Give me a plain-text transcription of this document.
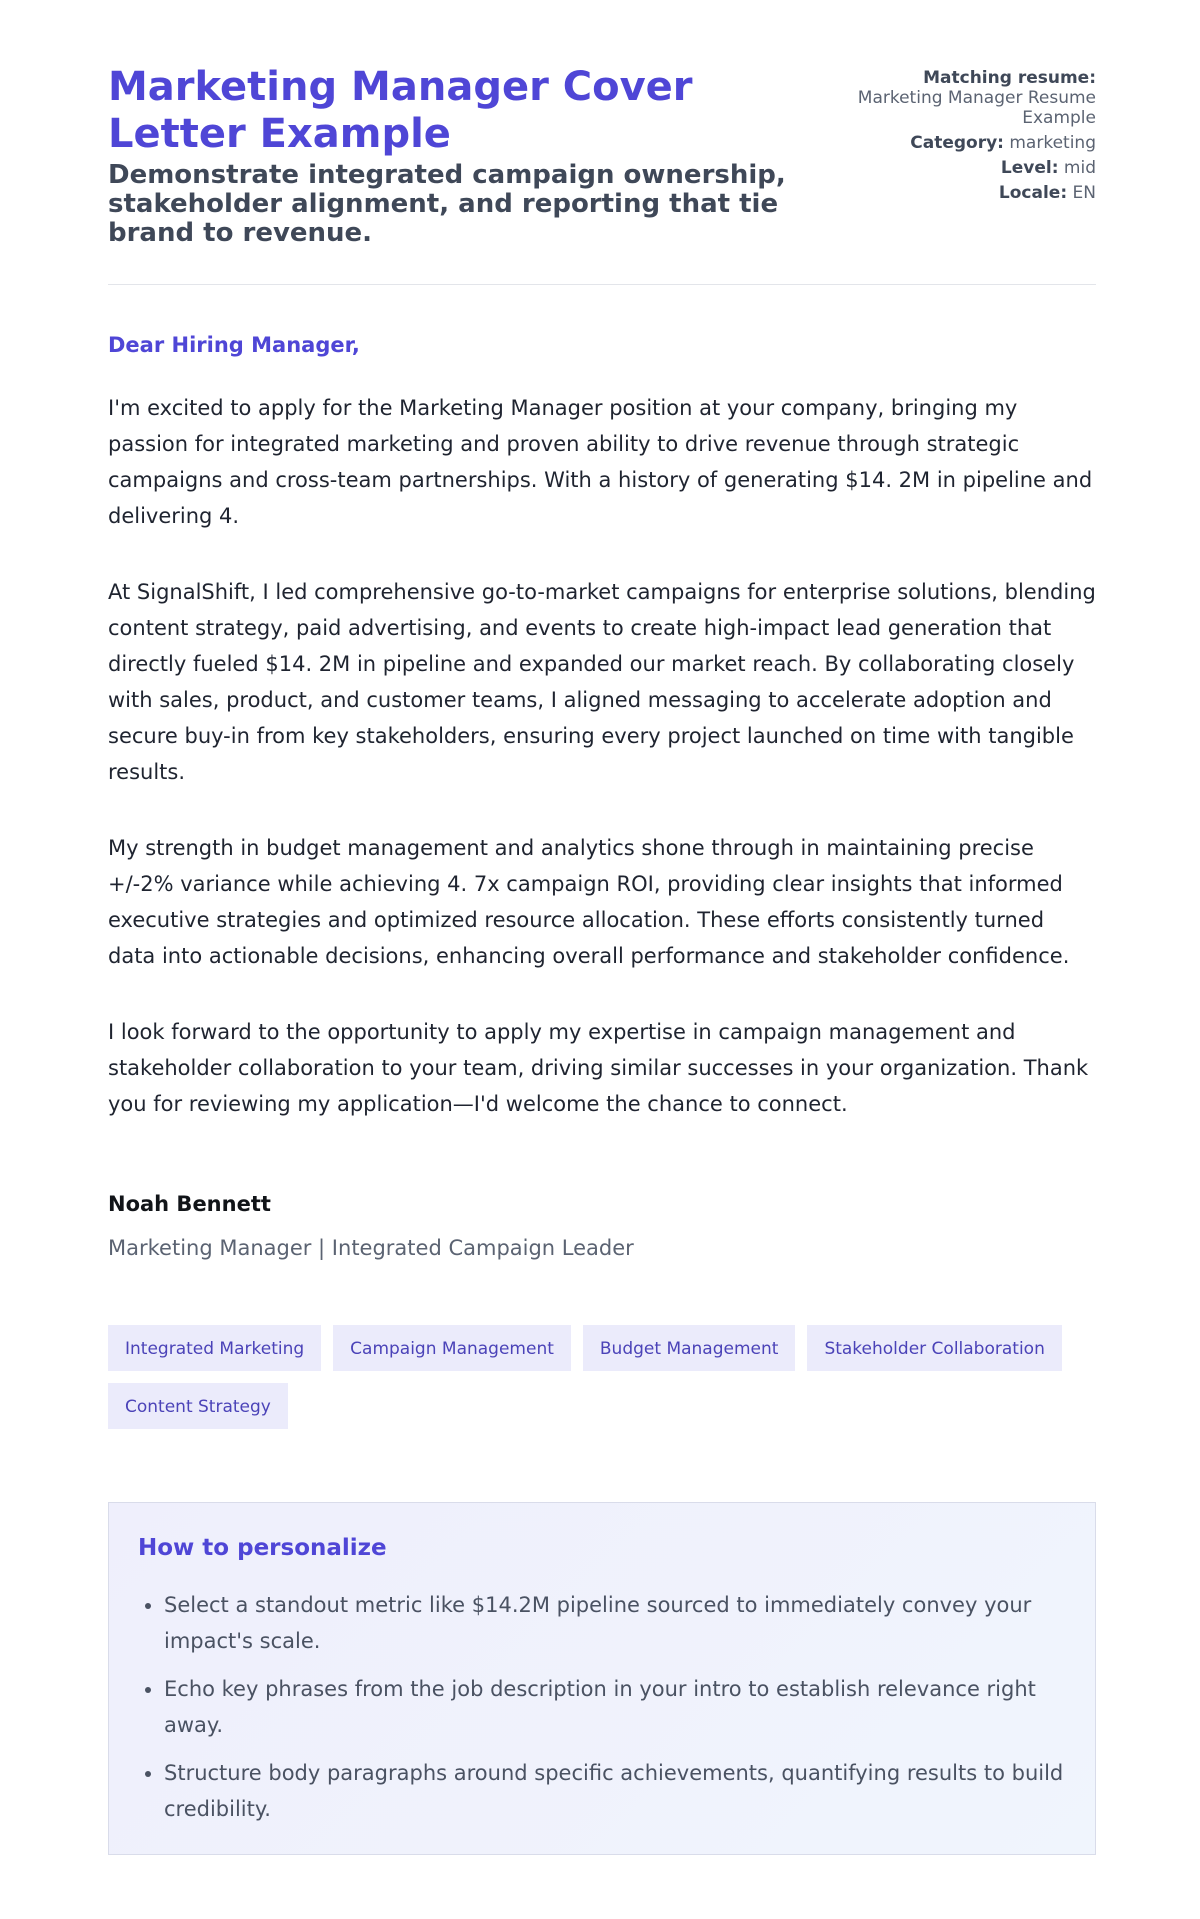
Marketing Manager Cover Letter Example
Demonstrate integrated campaign ownership, stakeholder alignment, and reporting that tie brand to revenue.
Matching resume:
Marketing Manager Resume Example
Category: marketing
Level: mid
Locale: EN

Dear Hiring Manager,

I'm excited to apply for the Marketing Manager position at your company, bringing my passion for integrated marketing and proven ability to drive revenue through strategic campaigns and cross-team partnerships. With a history of generating $14. 2M in pipeline and delivering 4.

At SignalShift, I led comprehensive go-to-market campaigns for enterprise solutions, blending content strategy, paid advertising, and events to create high-impact lead generation that directly fueled $14. 2M in pipeline and expanded our market reach. By collaborating closely with sales, product, and customer teams, I aligned messaging to accelerate adoption and secure buy-in from key stakeholders, ensuring every project launched on time with tangible results.

My strength in budget management and analytics shone through in maintaining precise +/-2% variance while achieving 4. 7x campaign ROI, providing clear insights that informed executive strategies and optimized resource allocation. These efforts consistently turned data into actionable decisions, enhancing overall performance and stakeholder confidence.

I look forward to the opportunity to apply my expertise in campaign management and stakeholder collaboration to your team, driving similar successes in your organization. Thank you for reviewing my application—I'd welcome the chance to connect.

Noah Bennett

Marketing Manager | Integrated Campaign Leader

Integrated Marketing	Campaign Management	Budget Management	Stakeholder Collaboration
Content Strategy
How to personalize
• Select a standout metric like $14.2M pipeline sourced to immediately convey your impact's scale.
• Echo key phrases from the job description in your intro to establish relevance right away.
• Structure body paragraphs around specific achievements, quantifying results to build credibility.
